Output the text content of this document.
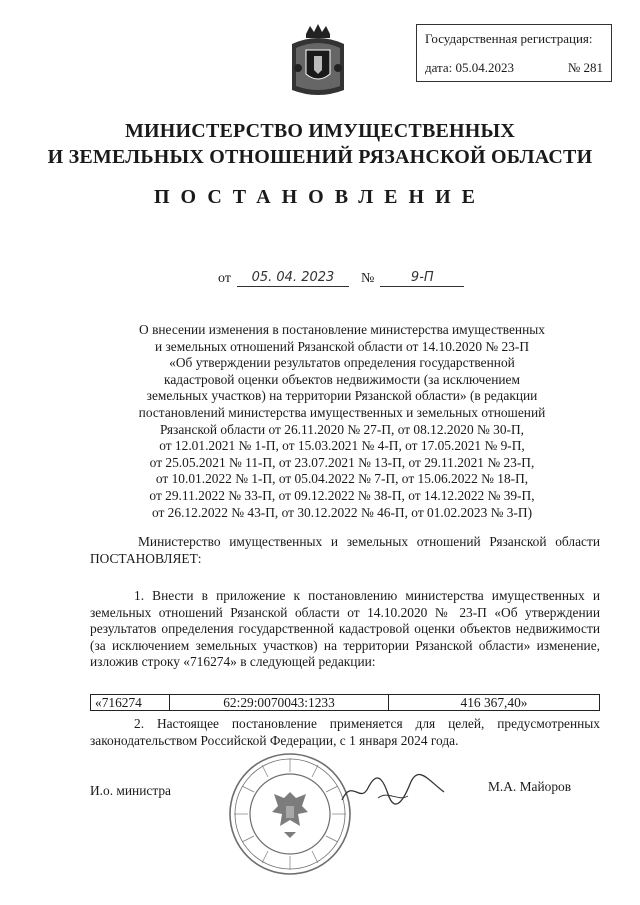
Государственная регистрация:
дата: 05.04.2023	№ 281
МИНИСТЕРСТВО ИМУЩЕСТВЕННЫХ
И ЗЕМЕЛЬНЫХ ОТНОШЕНИЙ РЯЗАНСКОЙ ОБЛАСТИ
ПОСТАНОВЛЕНИЕ
от	05. 04. 2023	№	9-П
О внесении изменения в постановление министерства имущественных
и земельных отношений Рязанской области от 14.10.2020 № 23-П
«Об утверждении результатов определения государственной
кадастровой оценки объектов недвижимости (за исключением
земельных участков) на территории Рязанской области» (в редакции
постановлений министерства имущественных и земельных отношений
Рязанской области от 26.11.2020 № 27-П, от 08.12.2020 № 30-П,
от 12.01.2021 № 1-П, от 15.03.2021 № 4-П, от 17.05.2021 № 9-П,
от 25.05.2021 № 11-П, от 23.07.2021 № 13-П, от 29.11.2021 № 23-П,
от 10.01.2022 № 1-П, от 05.04.2022 № 7-П, от 15.06.2022 № 18-П,
от 29.11.2022 № 33-П, от 09.12.2022 № 38-П, от 14.12.2022 № 39-П,
от 26.12.2022 № 43-П, от 30.12.2022 № 46-П, от 01.02.2023 № 3-П)
Министерство имущественных и земельных отношений Рязанской области ПОСТАНОВЛЯЕТ:
1. Внести в приложение к постановлению министерства имущественных и земельных отношений Рязанской области от 14.10.2020 № 23-П «Об утверждении результатов определения государственной кадастровой оценки объектов недвижимости (за исключением земельных участков) на территории Рязанской области» изменение, изложив строку «716274» в следующей редакции:
«716274	62:29:0070043:1233	416 367,40»
2. Настоящее постановление применяется для целей, предусмотренных законодательством Российской Федерации, с 1 января 2024 года.
И.о. министра	М.А. Майоров
